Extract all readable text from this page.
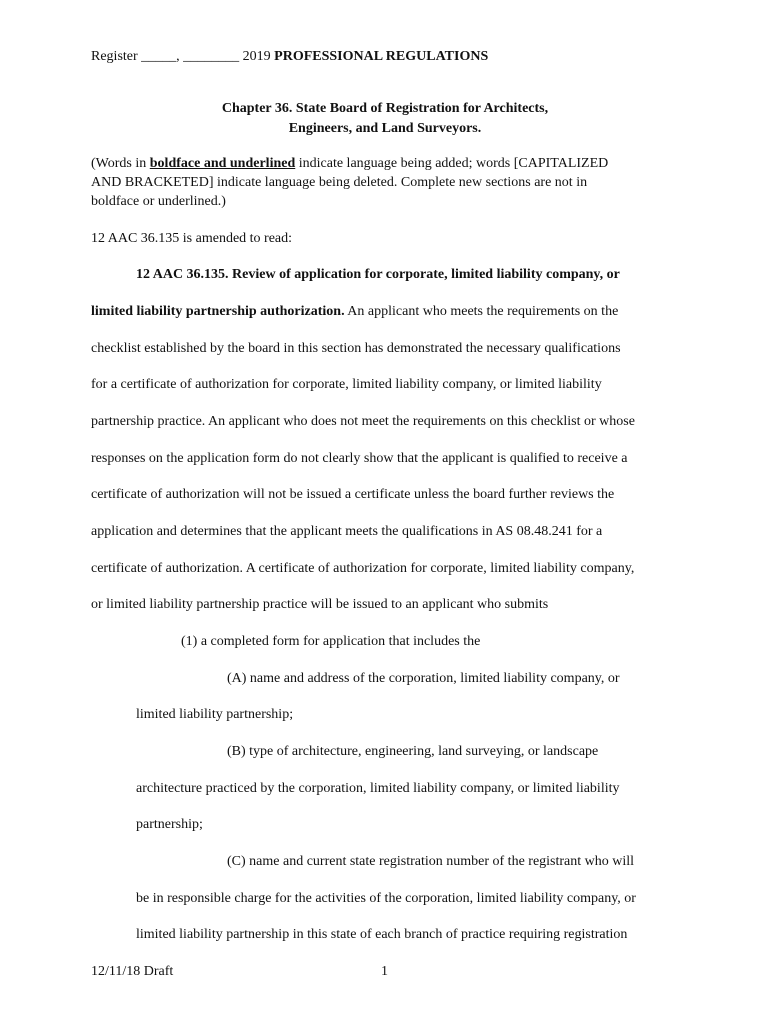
Register _____, ________ 2019 PROFESSIONAL REGULATIONS
Chapter 36. State Board of Registration for Architects,
Engineers, and Land Surveyors.
(Words in boldface and underlined indicate language being added; words [CAPITALIZED
AND BRACKETED] indicate language being deleted. Complete new sections are not in
boldface or underlined.)
12 AAC 36.135 is amended to read:
12 AAC 36.135. Review of application for corporate, limited liability company, or
limited liability partnership authorization. An applicant who meets the requirements on the
checklist established by the board in this section has demonstrated the necessary qualifications
for a certificate of authorization for corporate, limited liability company, or limited liability
partnership practice. An applicant who does not meet the requirements on this checklist or whose
responses on the application form do not clearly show that the applicant is qualified to receive a
certificate of authorization will not be issued a certificate unless the board further reviews the
application and determines that the applicant meets the qualifications in AS 08.48.241 for a
certificate of authorization. A certificate of authorization for corporate, limited liability company,
or limited liability partnership practice will be issued to an applicant who submits
(1) a completed form for application that includes the
(A) name and address of the corporation, limited liability company, or
limited liability partnership;
(B) type of architecture, engineering, land surveying, or landscape
architecture practiced by the corporation, limited liability company, or limited liability
partnership;
(C) name and current state registration number of the registrant who will
be in responsible charge for the activities of the corporation, limited liability company, or
limited liability partnership in this state of each branch of practice requiring registration
12/11/18 Draft	1
